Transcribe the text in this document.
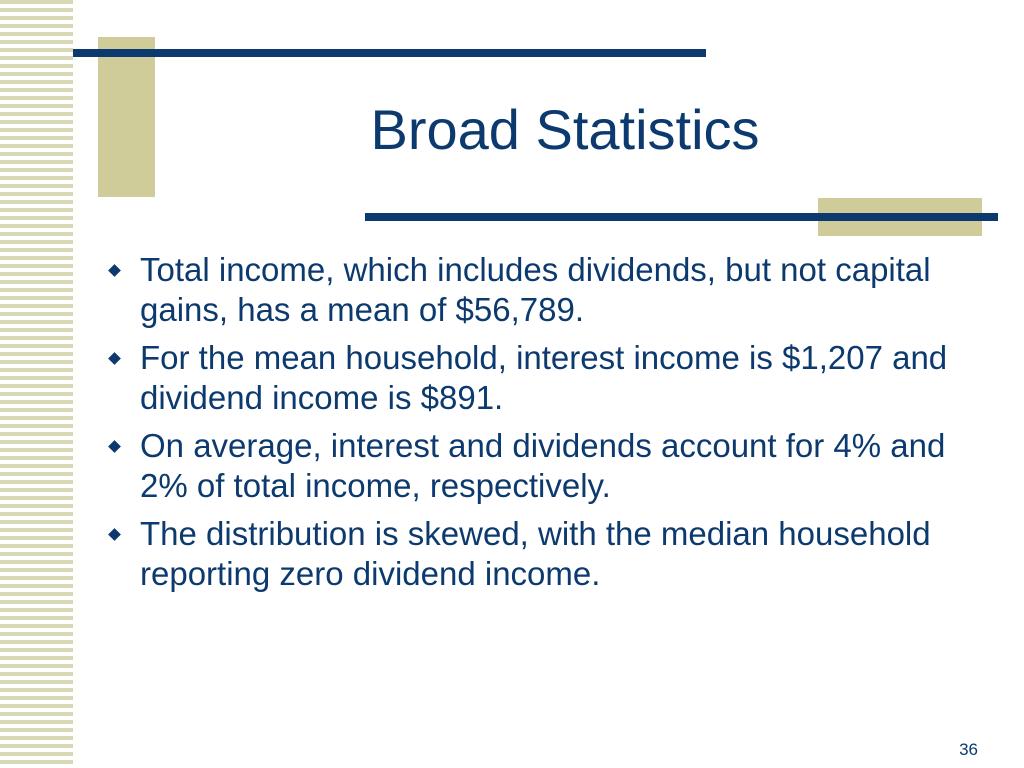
Broad Statistics
Total income, which includes dividends, but not capital gains, has a mean of $56,789.
For the mean household, interest income is $1,207 and dividend income is $891.
On average, interest and dividends account for 4% and 2% of total income, respectively.
The distribution is skewed, with the median household reporting zero dividend income.
36
